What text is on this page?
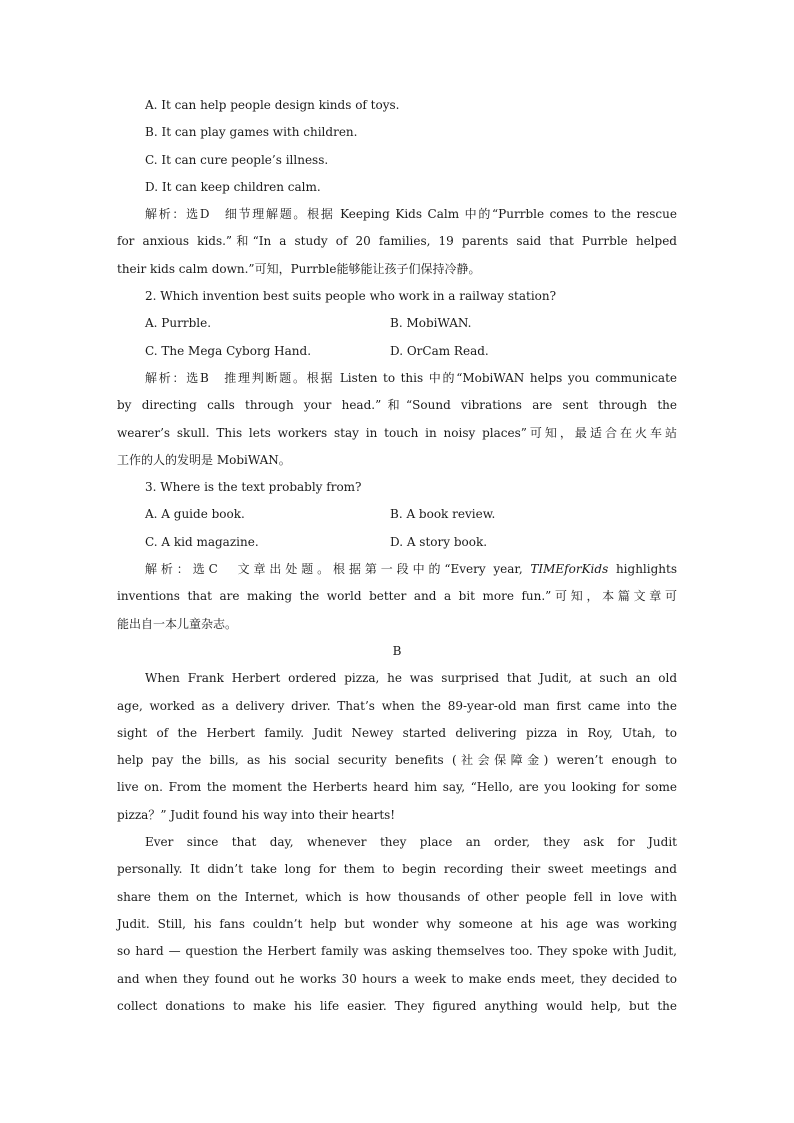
A. It can help people design kinds of toys.
B. It can play games with children.
C. It can cure people’s illness.
D. It can keep children calm.
解析：选D　细节理解题。根据 Keeping Kids Calm 中的“Purrble comes to the rescue
for anxious kids.”和“In a study of 20 families, 19 parents said that Purrble helped
their kids calm down.”可知，Purrble能够能让孩子们保持冷静。
2. Which invention best suits people who work in a railway station?
A. Purrble.	B. MobiWAN.
C. The Mega Cyborg Hand.	D. OrCam Read.
解析：选B　推理判断题。根据 Listen to this 中的“MobiWAN helps you communicate
by directing calls through your head.”和“Sound vibrations are sent through the
wearer’s skull. This lets workers stay in touch in noisy places”可知，最适合在火车站
工作的人的发明是 MobiWAN。
3. Where is the text probably from?
A. A guide book.	B. A book review.
C. A kid magazine.	D. A story book.
解析：选C　文章出处题。根据第一段中的“Every year, TIMEforKids highlights
inventions that are making the world better and a bit more fun.”可知，本篇文章可
能出自一本儿童杂志。
B
When Frank Herbert ordered pizza, he was surprised that Judit, at such an old
age, worked as a delivery driver. That’s when the 89-year-old man first came into the
sight of the Herbert family. Judit Newey started delivering pizza in Roy, Utah, to
help pay the bills, as his social security benefits (社会保障金) weren’t enough to
live on. From the moment the Herberts heard him say, “Hello, are you looking for some
pizza？” Judit found his way into their hearts!
Ever since that day, whenever they place an order, they ask for Judit
personally. It didn’t take long for them to begin recording their sweet meetings and
share them on the Internet, which is how thousands of other people fell in love with
Judit. Still, his fans couldn’t help but wonder why someone at his age was working
so hard — question the Herbert family was asking themselves too. They spoke with Judit,
and when they found out he works 30 hours a week to make ends meet, they decided to
collect donations to make his life easier. They figured anything would help, but the
